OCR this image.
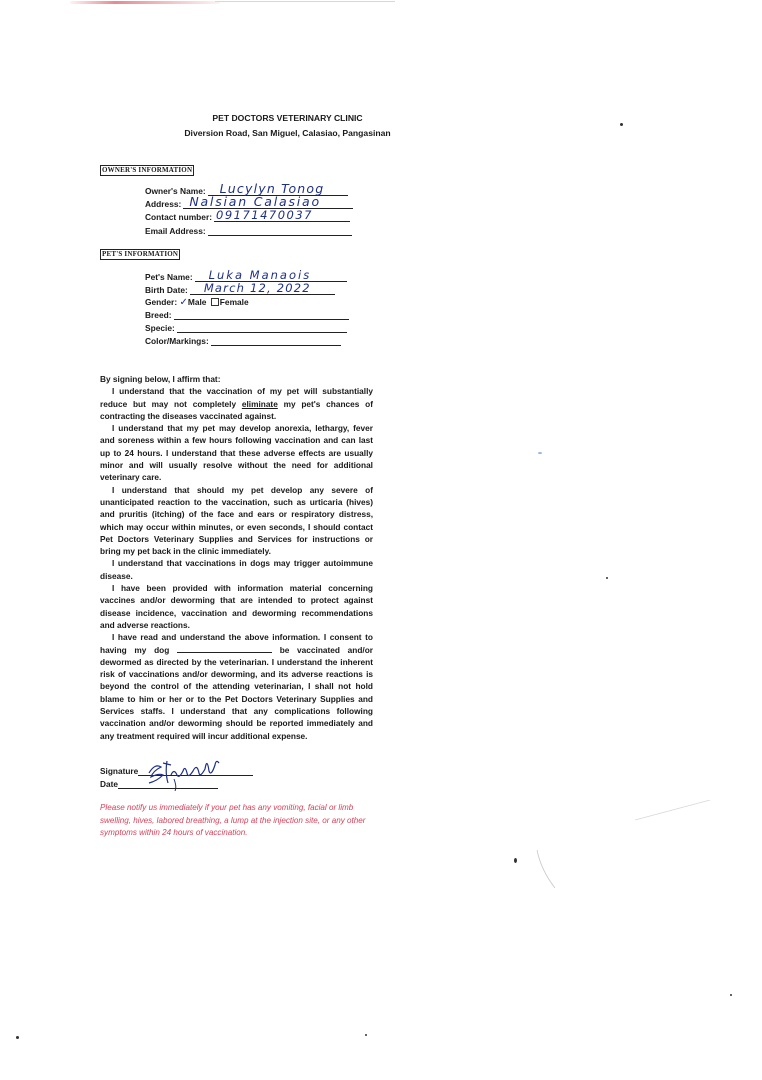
PET DOCTORS VETERINARY CLINIC
Diversion Road, San Miguel, Calasiao, Pangasinan
OWNER'S INFORMATION
Owner's Name: Lucylyn Tonog
Address: Nalsian Calasiao
Contact number: 09171470037
Email Address:
PET'S INFORMATION
Pet's Name: Luka Manaois
Birth Date: March 12, 2022
Gender: ✓Male Female
Breed:
Specie:
Color/Markings:

By signing below, I affirm that:

I understand that the vaccination of my pet will substantially reduce but may not completely eliminate my pet's chances of contracting the diseases vaccinated against.

I understand that my pet may develop anorexia, lethargy, fever and soreness within a few hours following vaccination and can last up to 24 hours. I understand that these adverse effects are usually minor and will usually resolve without the need for additional veterinary care.

I understand that should my pet develop any severe of unanticipated reaction to the vaccination, such as urticaria (hives) and pruritis (itching) of the face and ears or respiratory distress, which may occur within minutes, or even seconds, I should contact Pet Doctors Veterinary Supplies and Services for instructions or bring my pet back in the clinic immediately.

I understand that vaccinations in dogs may trigger autoimmune disease.

I have been provided with information material concerning vaccines and/or deworming that are intended to protect against disease incidence, vaccination and deworming recommendations and adverse reactions.

I have read and understand the above information. I consent to having my dog	be vaccinated and/or dewormed as directed by the veterinarian. I understand the inherent risk of vaccinations and/or deworming, and its adverse reactions is beyond the control of the attending veterinarian, I shall not hold blame to him or her or to the Pet Doctors Veterinary Supplies and Services staffs. I understand that any complications following vaccination and/or deworming should be reported immediately and any treatment required will incur additional expense.

Signature
Date
Please notify us immediately if your pet has any vomiting, facial or limb swelling, hives, labored breathing, a lump at the injection site, or any other symptoms within 24 hours of vaccination.
